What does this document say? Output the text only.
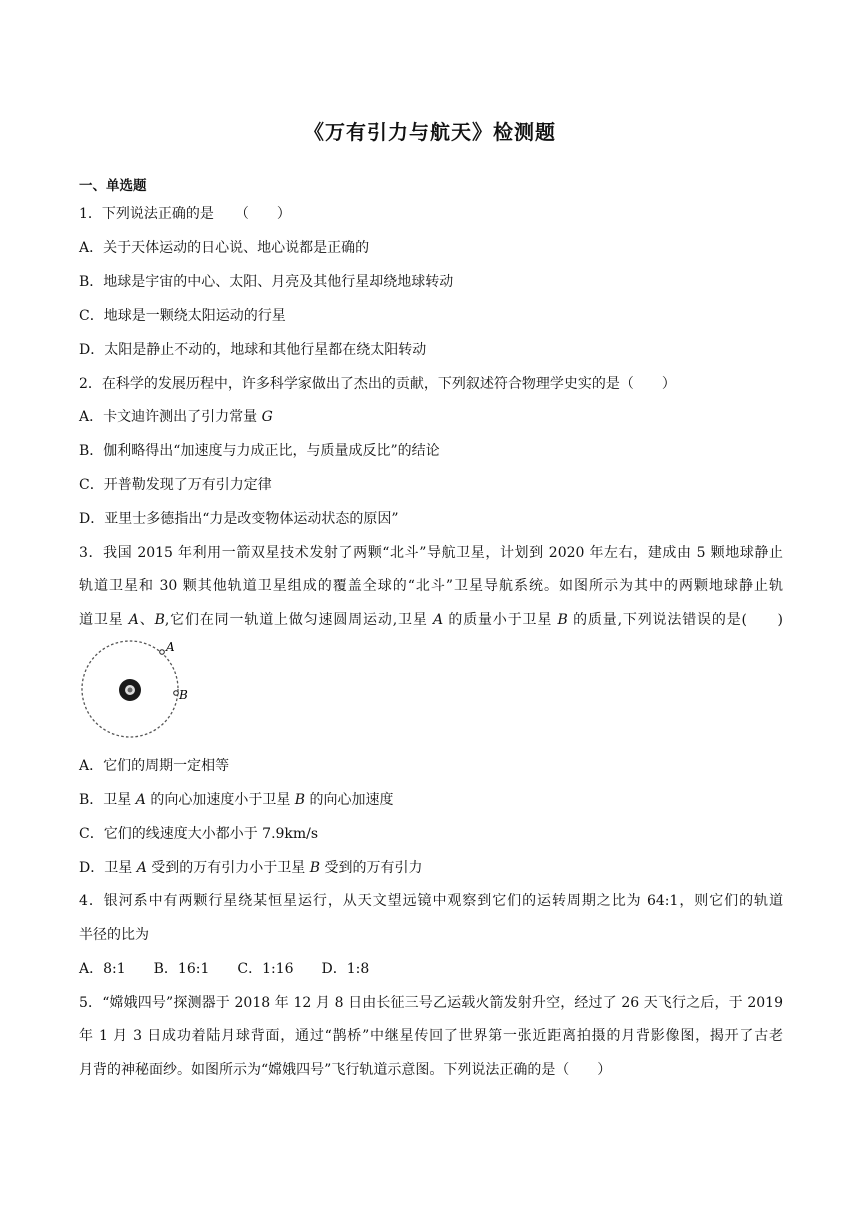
《万有引力与航天》检测题
一、单选题
1．下列说法正确的是　　（　　）
A．关于天体运动的日心说、地心说都是正确的
B．地球是宇宙的中心、太阳、月亮及其他行星却绕地球转动
C．地球是一颗绕太阳运动的行星
D．太阳是静止不动的，地球和其他行星都在绕太阳转动
2．在科学的发展历程中，许多科学家做出了杰出的贡献，下列叙述符合物理学史实的是（　　）
A．卡文迪许测出了引力常量 G
B．伽利略得出“加速度与力成正比，与质量成反比”的结论
C．开普勒发现了万有引力定律
D．亚里士多德指出“力是改变物体运动状态的原因”
3．我国 2015 年利用一箭双星技术发射了两颗“北斗”导航卫星，计划到 2020 年左右，建成由 5 颗地球静止
轨道卫星和 30 颗其他轨道卫星组成的覆盖全球的“北斗”卫星导航系统。如图所示为其中的两颗地球静止轨
道卫星 A、B,它们在同一轨道上做匀速圆周运动,卫星 A 的质量小于卫星 B 的质量,下列说法错误的是(　　)
A
B
A．它们的周期一定相等
B．卫星 A 的向心加速度小于卫星 B 的向心加速度
C．它们的线速度大小都小于 7.9km/s
D．卫星 A 受到的万有引力小于卫星 B 受到的万有引力
4．银河系中有两颗行星绕某恒星运行，从天文望远镜中观察到它们的运转周期之比为 64:1，则它们的轨道
半径的比为
A．8:1　　B．16:1　　C．1:16　　D．1:8
5．“嫦娥四号”探测器于 2018 年 12 月 8 日由长征三号乙运载火箭发射升空，经过了 26 天飞行之后，于 2019
年 1 月 3 日成功着陆月球背面，通过“鹊桥”中继星传回了世界第一张近距离拍摄的月背影像图，揭开了古老
月背的神秘面纱。如图所示为“嫦娥四号”飞行轨道示意图。下列说法正确的是（　　）
